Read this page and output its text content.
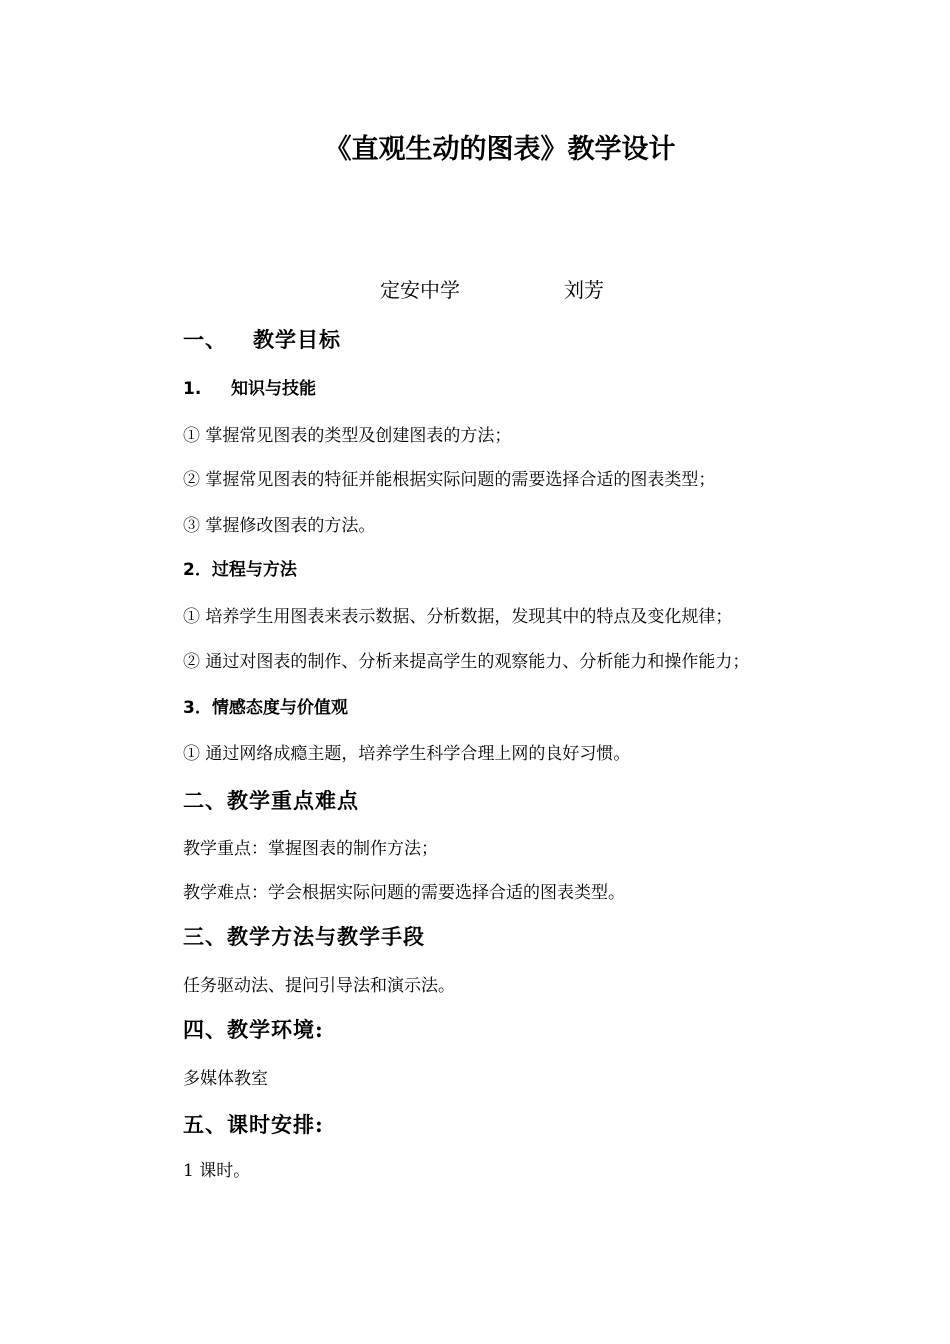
《直观生动的图表》教学设计
定安中学	刘芳
一、 教学目标
1. 知识与技能
① 掌握常见图表的类型及创建图表的方法；
② 掌握常见图表的特征并能根据实际问题的需要选择合适的图表类型；
③ 掌握修改图表的方法。
2．过程与方法
① 培养学生用图表来表示数据、分析数据，发现其中的特点及变化规律；
② 通过对图表的制作、分析来提高学生的观察能力、分析能力和操作能力；
3．情感态度与价值观
① 通过网络成瘾主题，培养学生科学合理上网的良好习惯。
二、教学重点难点
教学重点：掌握图表的制作方法；
教学难点：学会根据实际问题的需要选择合适的图表类型。
三、教学方法与教学手段
任务驱动法、提问引导法和演示法。
四、教学环境:
多媒体教室
五、课时安排:
1 课时。
